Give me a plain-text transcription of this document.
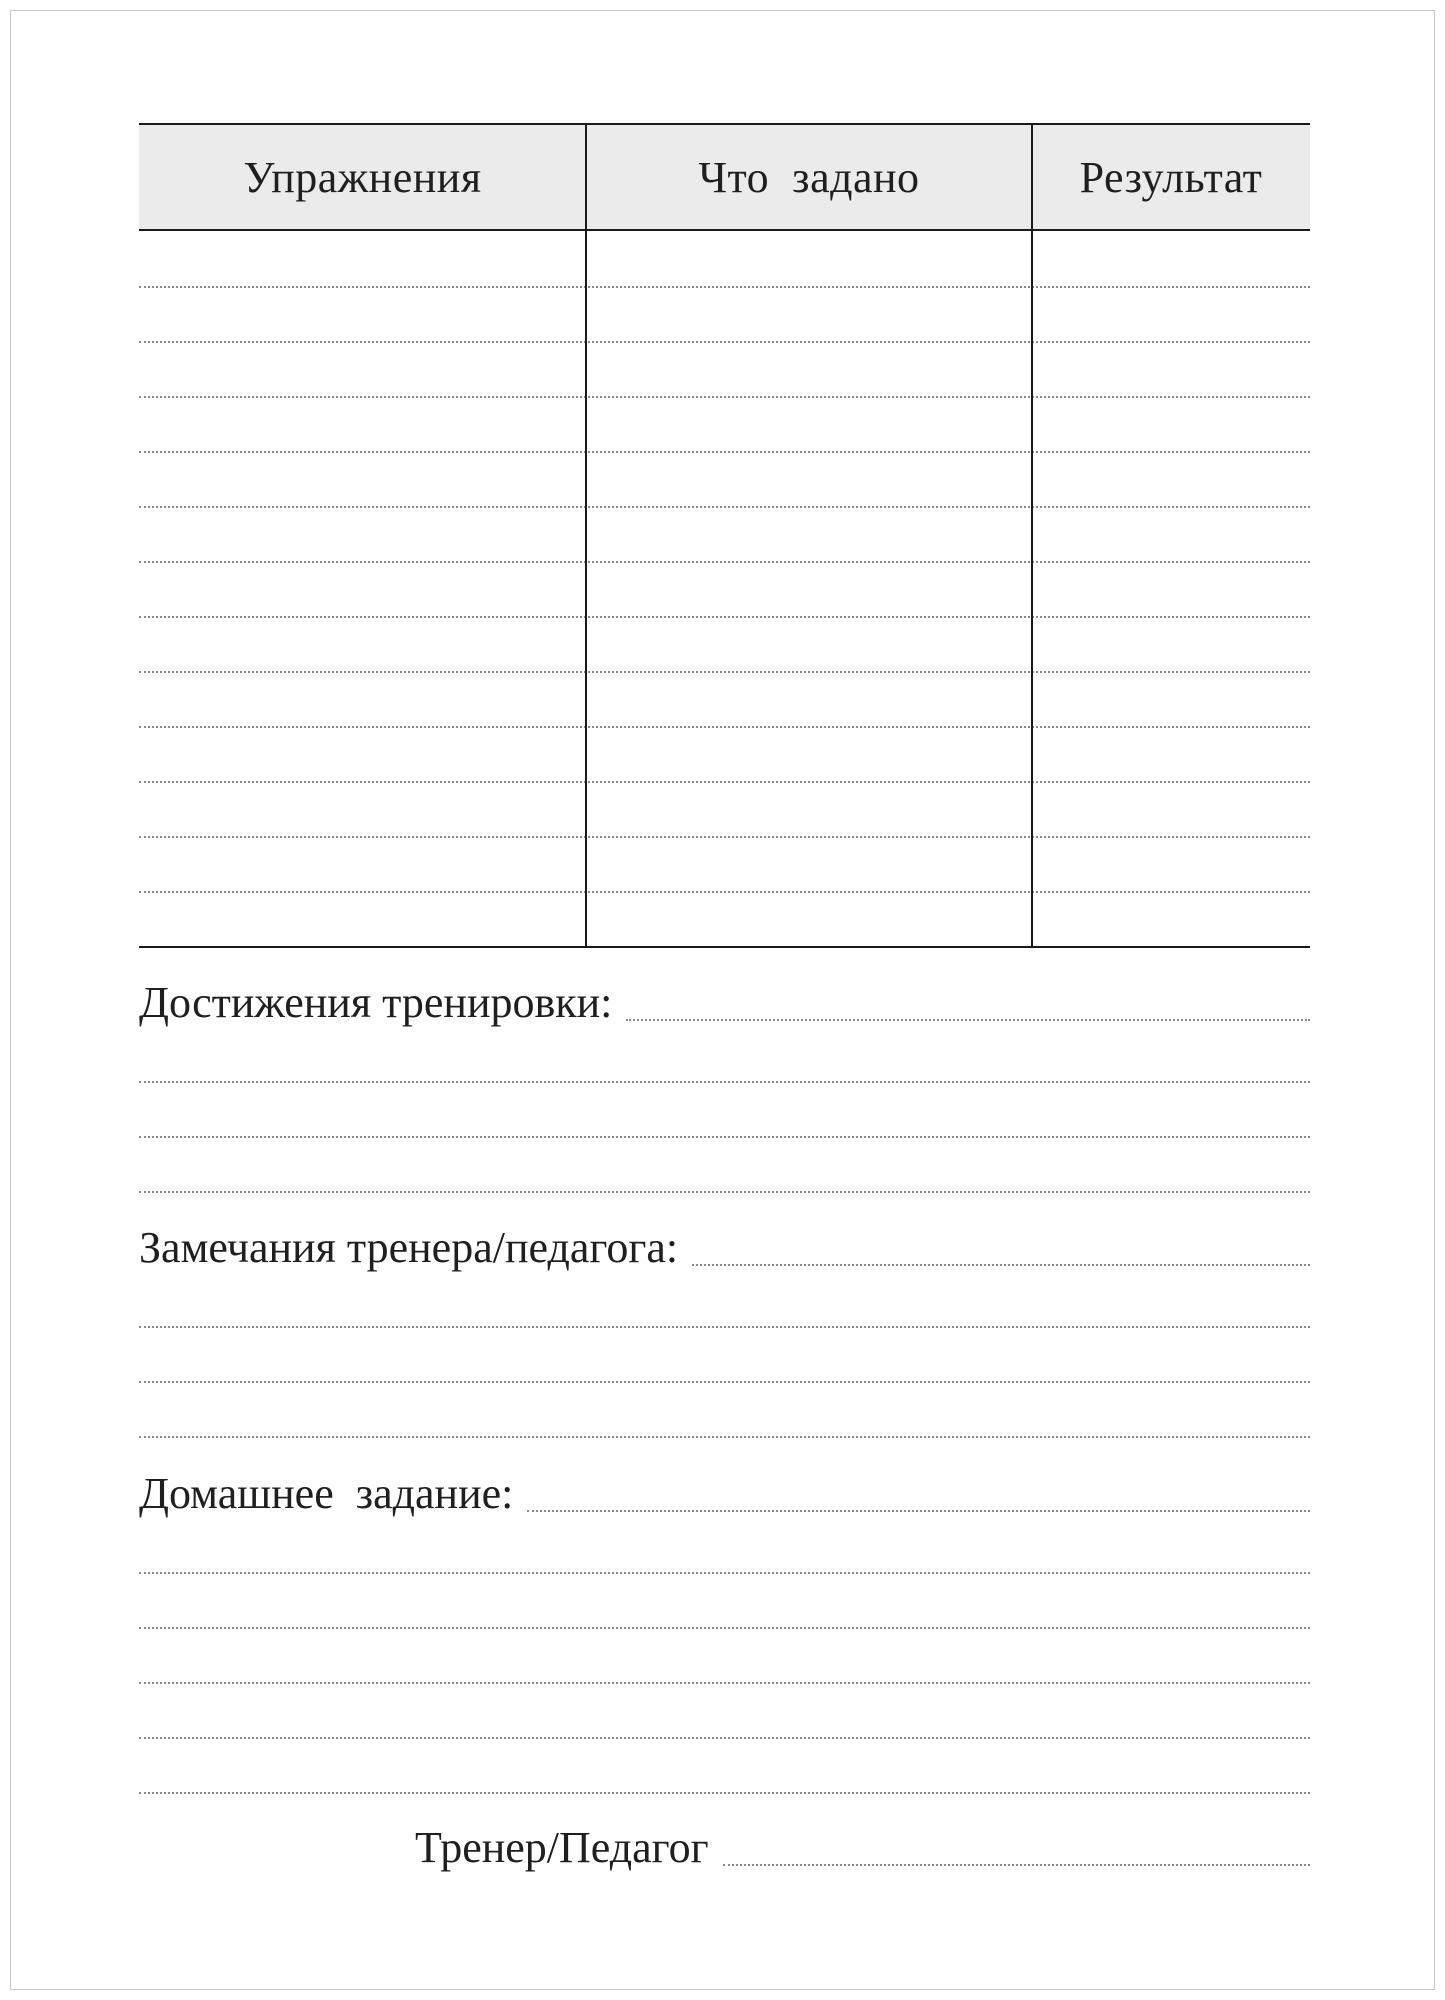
Упражнения	Что  задано	Результат
Достижения тренировки:
Замечания тренера/педагога:
Домашнее  задание:
Тренер/Педагог
